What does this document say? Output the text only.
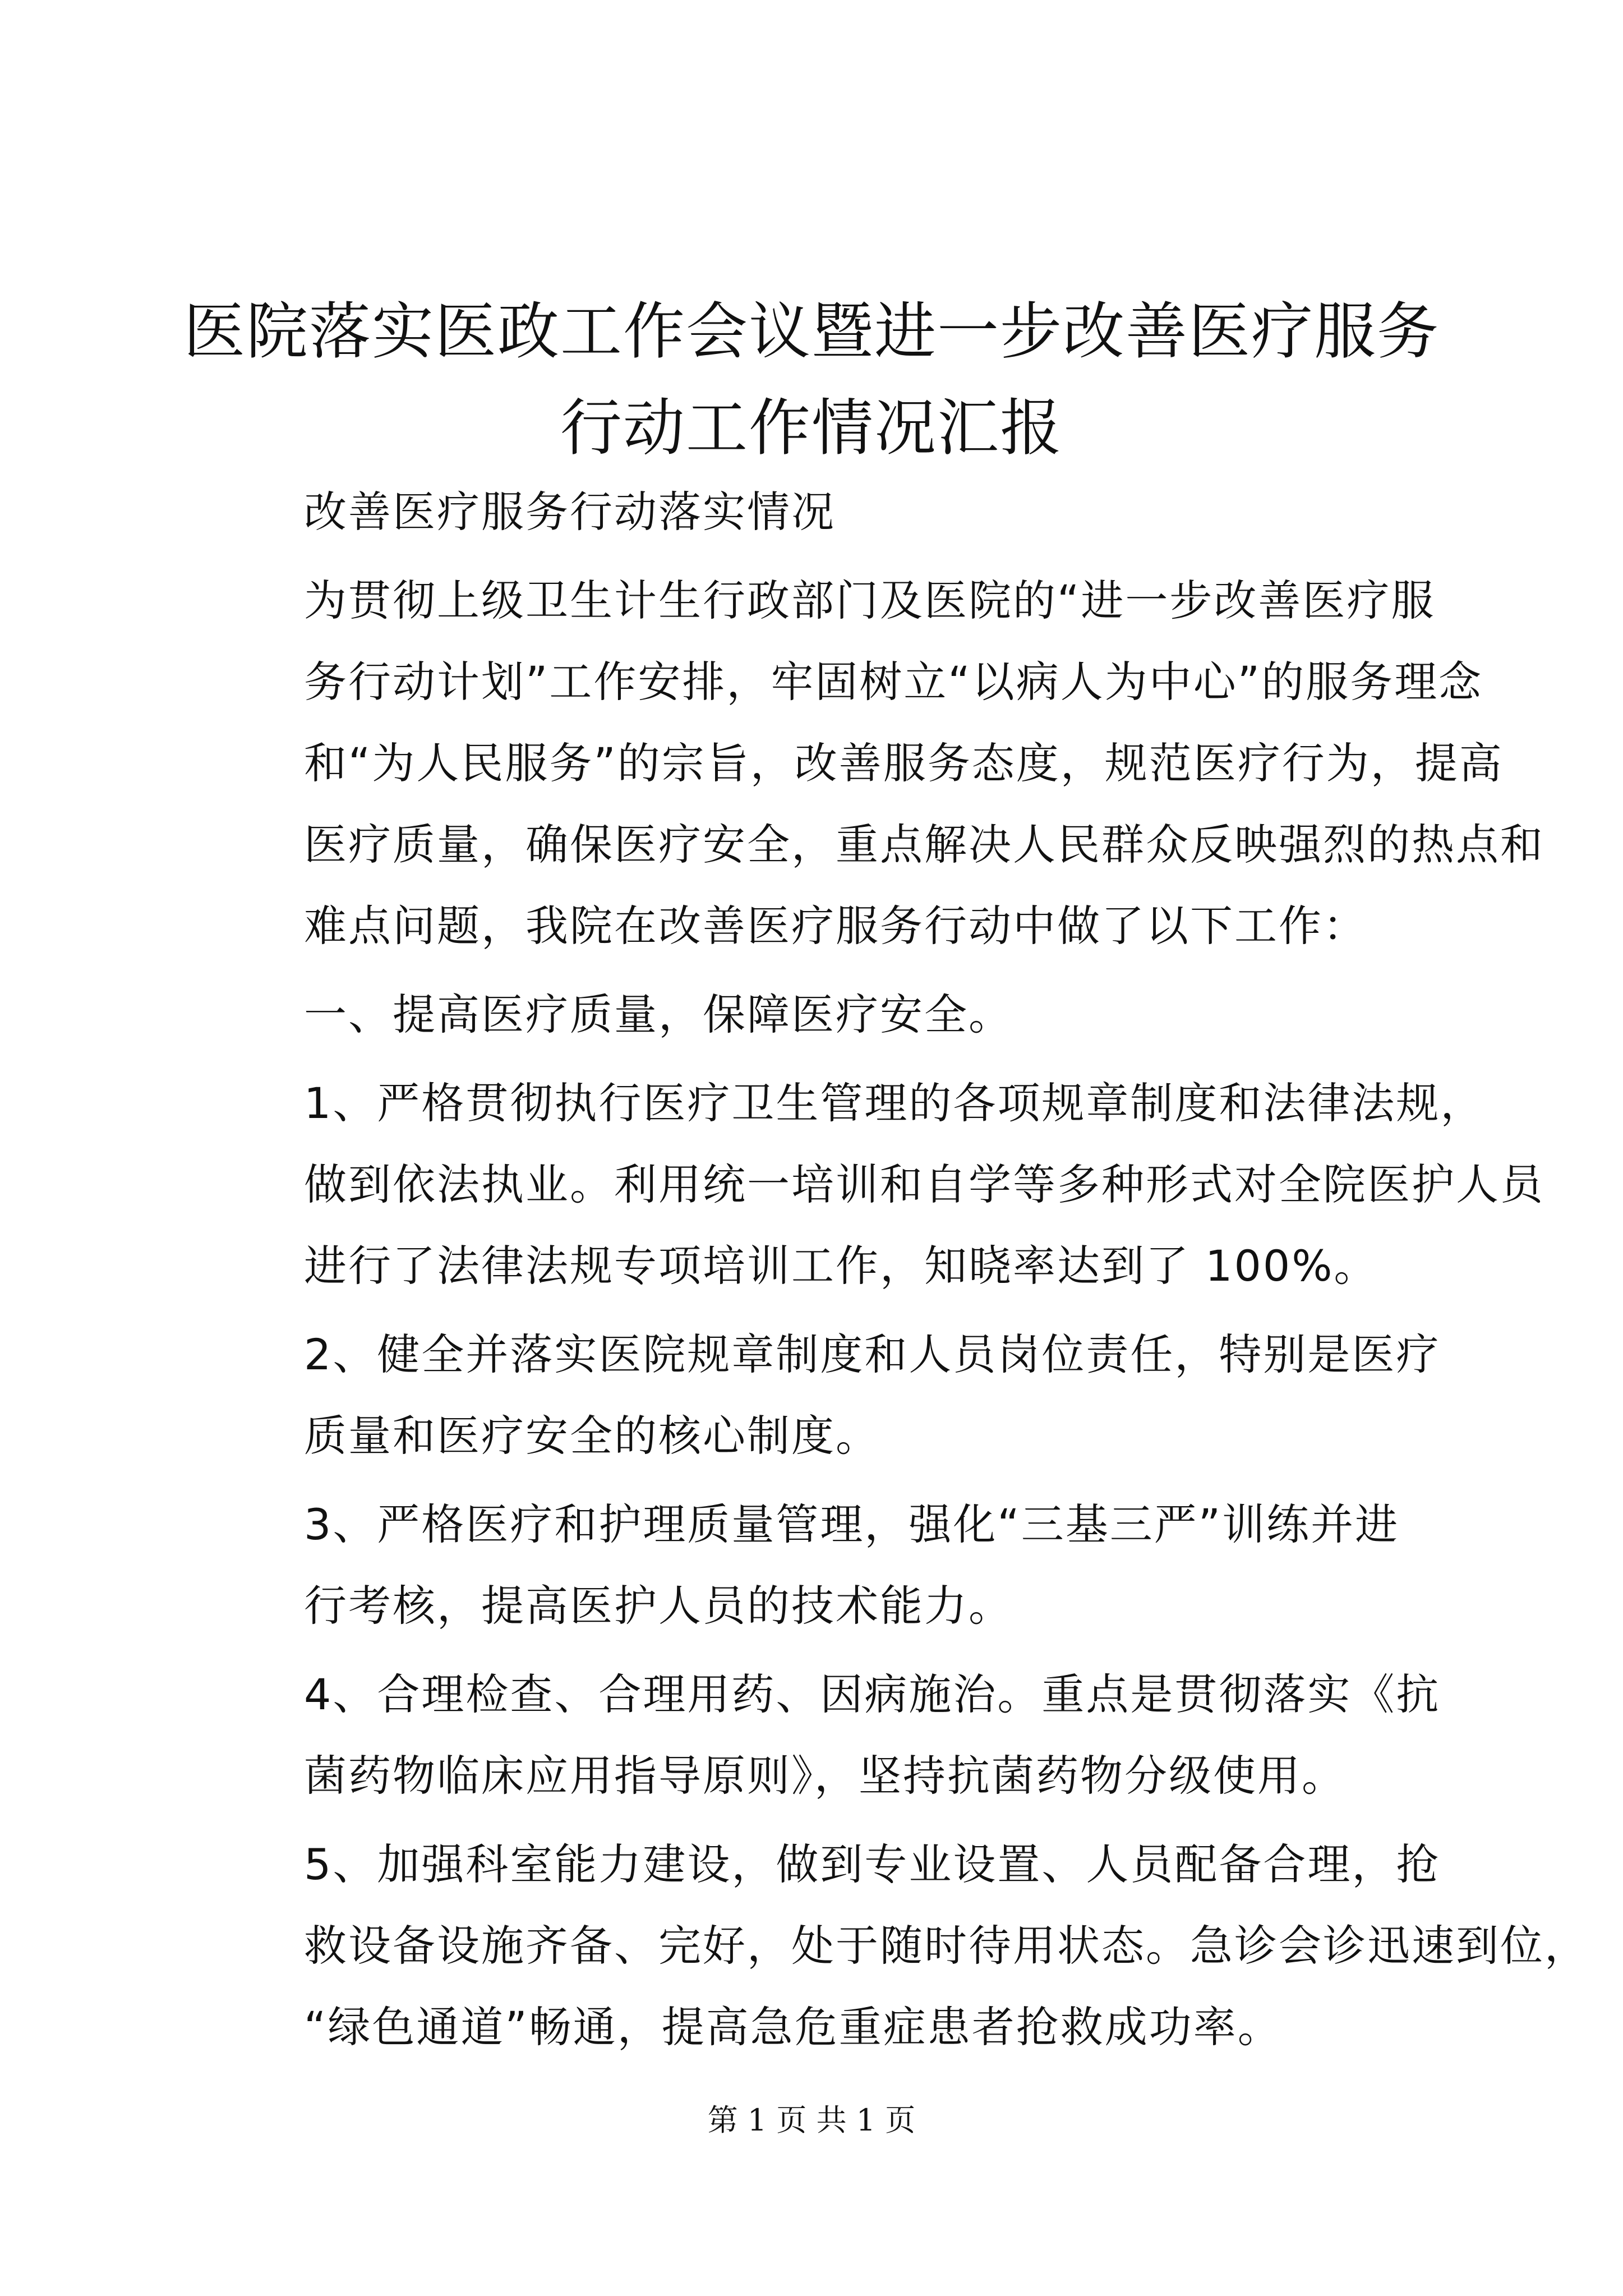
医院落实医政工作会议暨进一步改善医疗服务
行动工作情况汇报

改善医疗服务行动落实情况

为贯彻上级卫生计生行政部门及医院的“进一步改善医疗服
务行动计划”工作安排，牢固树立“以病人为中心”的服务理念
和“为人民服务”的宗旨，改善服务态度，规范医疗行为，提高
医疗质量，确保医疗安全，重点解决人民群众反映强烈的热点和
难点问题，我院在改善医疗服务行动中做了以下工作：

一、提高医疗质量，保障医疗安全。

1、严格贯彻执行医疗卫生管理的各项规章制度和法律法规，
做到依法执业。利用统一培训和自学等多种形式对全院医护人员
进行了法律法规专项培训工作，知晓率达到了 100%。

2、健全并落实医院规章制度和人员岗位责任，特别是医疗
质量和医疗安全的核心制度。

3、严格医疗和护理质量管理，强化“三基三严”训练并进
行考核，提高医护人员的技术能力。

4、合理检查、合理用药、因病施治。重点是贯彻落实《抗
菌药物临床应用指导原则》，坚持抗菌药物分级使用。

5、加强科室能力建设，做到专业设置、人员配备合理，抢
救设备设施齐备、完好，处于随时待用状态。急诊会诊迅速到位，
“绿色通道”畅通，提高急危重症患者抢救成功率。

第 1 页 共 1 页
